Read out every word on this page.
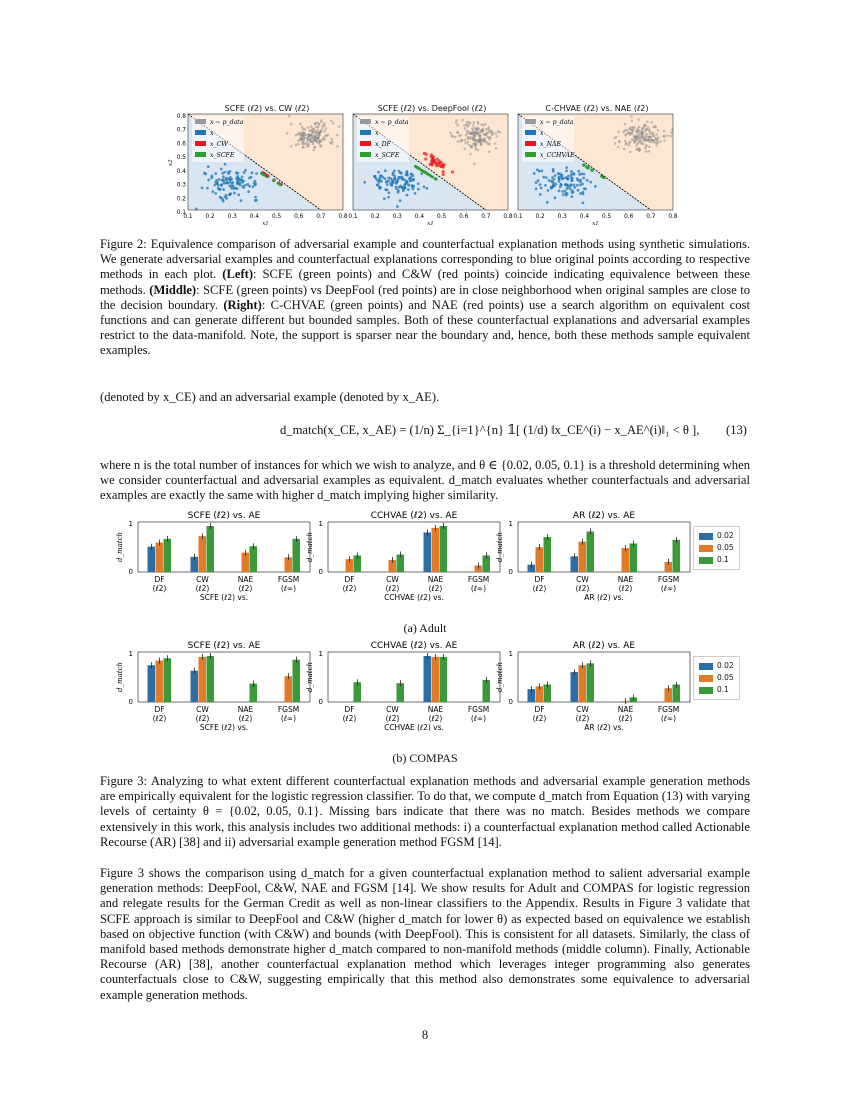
SCFE (ℓ2) vs. CW (ℓ2)
x ~ p_data
x
x_CW
x_SCFE
0.1 0.2 0.3 0.4 0.5 0.6 0.7 0.8
x1
SCFE (ℓ2) vs. DeepFool (ℓ2)
x ~ p_data
x
x_DF
x_SCFE
0.1 0.2 0.3 0.4 0.5 0.6 0.7 0.8
x1
C-CHVAE (ℓ2) vs. NAE (ℓ2)
x ~ p_data
x
x_NAE
x_CCHVAE
0.1 0.2 0.3 0.4 0.5 0.6 0.7 0.8
x1

Figure 2: Equivalence comparison of adversarial example and counterfactual explanation methods using synthetic simulations. We generate adversarial examples and counterfactual explanations corresponding to blue original points according to respective methods in each plot. (Left): SCFE (green points) and C&W (red points) coincide indicating equivalence between these methods. (Middle): SCFE (green points) vs DeepFool (red points) are in close neighborhood when original samples are close to the decision boundary. (Right): C-CHVAE (green points) and NAE (red points) use a search algorithm on equivalent cost functions and can generate different but bounded samples. Both of these counterfactual explanations and adversarial examples restrict to the data-manifold. Note, the support is sparser near the boundary and, hence, both these methods sample equivalent examples.

(denoted by x_CE) and an adversarial example (denoted by x_AE).

d_match(x_CE, x_AE) = (1/n) Σ_{i=1}^{n} 𝟙[ (1/d) ‖x_CE^(i) − x_AE^(i)‖₁ < θ ], (13)

where n is the total number of instances for which we wish to analyze, and θ ∈ {0.02, 0.05, 0.1} is a threshold determining when we consider counterfactual and adversarial examples as equivalent. d_match evaluates whether counterfactuals and adversarial examples are exactly the same with higher d_match implying higher similarity.

SCFE (ℓ2) vs. AE
1
0
d_match
DF
(ℓ2)
CW
(ℓ2)
NAE
(ℓ2)
FGSM
(ℓ∞)
SCFE (ℓ2) vs.
CCHVAE (ℓ2) vs. AE
1
0
d_match
DF
(ℓ2)
CW
(ℓ2)
NAE
(ℓ2)
FGSM
(ℓ∞)
CCHVAE (ℓ2) vs.
AR (ℓ2) vs. AE
1
0
d_match
DF
(ℓ2)
CW
(ℓ2)
NAE
(ℓ2)
FGSM
(ℓ∞)
AR (ℓ2) vs.
SCFE (ℓ2) vs. AE
1
0
d_match
DF
(ℓ2)
CW
(ℓ2)
NAE
(ℓ2)
FGSM
(ℓ∞)
SCFE (ℓ2) vs.
CCHVAE (ℓ2) vs. AE
1
0
d_match
DF
(ℓ2)
CW
(ℓ2)
NAE
(ℓ2)
FGSM
(ℓ∞)
CCHVAE (ℓ2) vs.
AR (ℓ2) vs. AE
1
0
d_match
DF
(ℓ2)
CW
(ℓ2)
NAE
(ℓ2)
FGSM
(ℓ∞)
AR (ℓ2) vs.
0.02
0.05
0.1
0.02
0.05
0.1
(a) Adult
(b) COMPAS

Figure 3: Analyzing to what extent different counterfactual explanation methods and adversarial example generation methods are empirically equivalent for the logistic regression classifier. To do that, we compute d_match from Equation (13) with varying levels of certainty θ = {0.02, 0.05, 0.1}. Missing bars indicate that there was no match. Besides methods we compare extensively in this work, this analysis includes two additional methods: i) a counterfactual explanation method called Actionable Recourse (AR) [38] and ii) adversarial example generation method FGSM [14].

Figure 3 shows the comparison using d_match for a given counterfactual explanation method to salient adversarial example generation methods: DeepFool, C&W, NAE and FGSM [14]. We show results for Adult and COMPAS for logistic regression and relegate results for the German Credit as well as non-linear classifiers to the Appendix. Results in Figure 3 validate that SCFE approach is similar to DeepFool and C&W (higher d_match for lower θ) as expected based on equivalence we establish based on objective function (with C&W) and bounds (with DeepFool). This is consistent for all datasets. Similarly, the class of manifold based methods demonstrate higher d_match compared to non-manifold methods (middle column). Finally, Actionable Recourse (AR) [38], another counterfactual explanation method which leverages integer programming also generates counterfactuals close to C&W, suggesting empirically that this method also demonstrates some equivalence to adversarial example generation methods.

8
0.8
0.7
0.6
0.5
0.4
0.3
0.2
0.1
x2
